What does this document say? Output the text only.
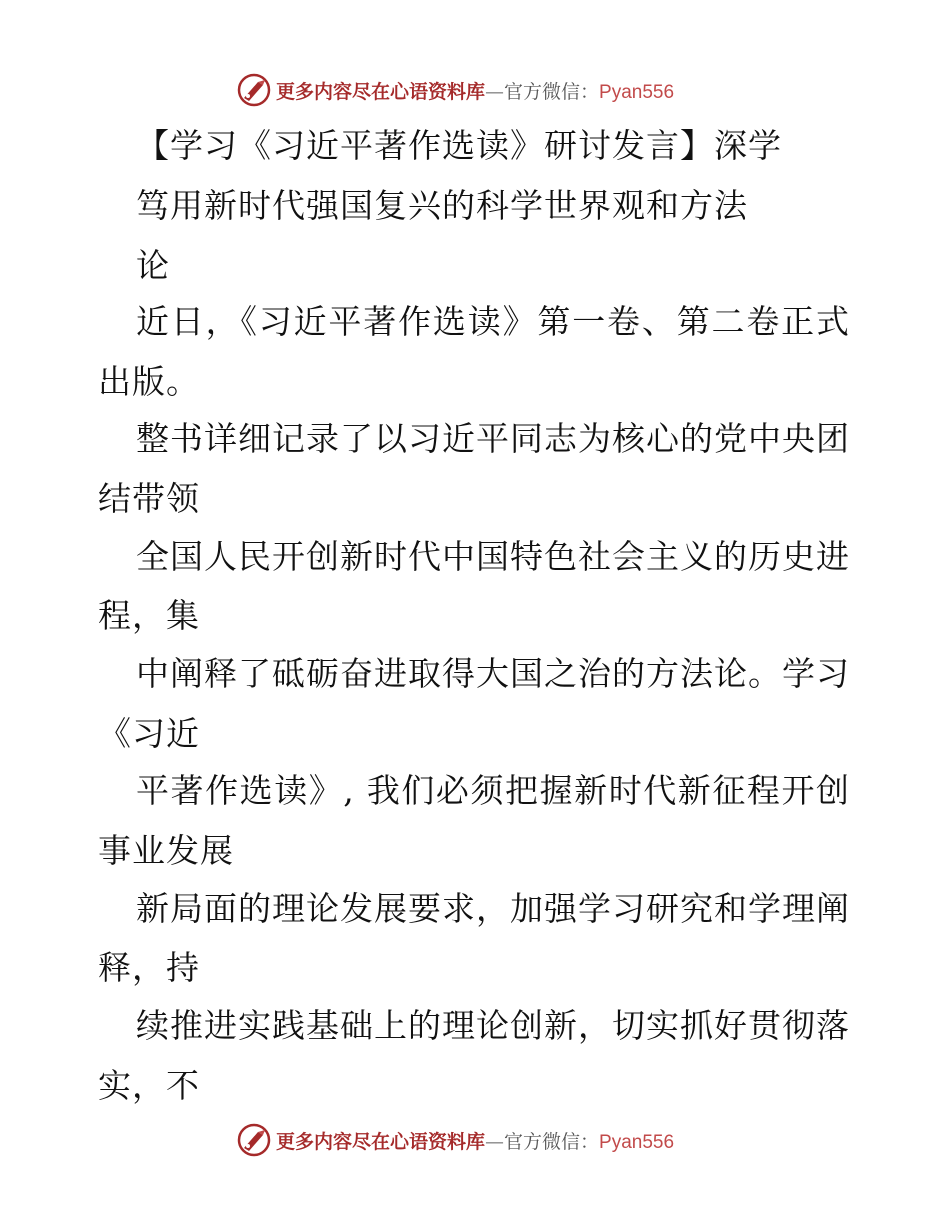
更多内容尽在心语资料库—官方微信：Pyan556
【学习《习近平著作选读》研讨发言】深学
笃用新时代强国复兴的科学世界观和方法
论
近日，《习近平著作选读》第一卷、第二卷正式
出版。
整书详细记录了以习近平同志为核心的党中央团
结带领
全国人民开创新时代中国特色社会主义的历史进
程，集
中阐释了砥砺奋进取得大国之治的方法论。学习
《习近
平著作选读》, 我们必须把握新时代新征程开创
事业发展
新局面的理论发展要求，加强学习研究和学理阐
释，持
续推进实践基础上的理论创新，切实抓好贯彻落
实，不
更多内容尽在心语资料库—官方微信：Pyan556
